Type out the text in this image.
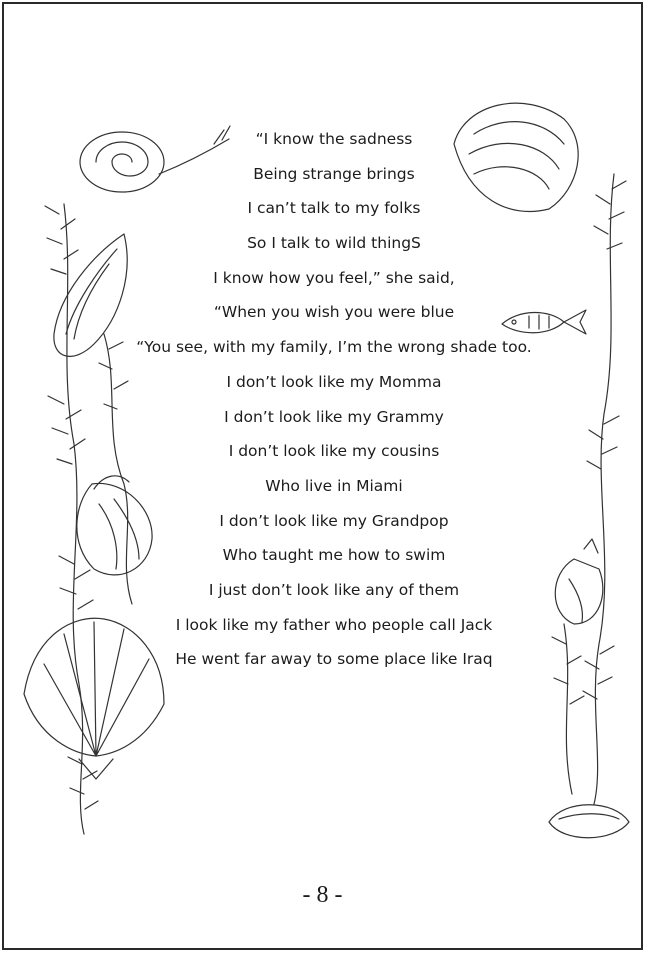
“I know the sadness
Being strange brings
I can’t talk to my folks
So I talk to wild thingS
I know how you feel,” she said,
“When you wish you were blue
“You see, with my family, I’m the wrong shade too.
I don’t look like my Momma
I don’t look like my Grammy
I don’t look like my cousins
Who live in Miami
I don’t look like my Grandpop
Who taught me how to swim
I just don’t look like any of them
I look like my father who people call Jack
He went far away to some place like Iraq
- 8 -
